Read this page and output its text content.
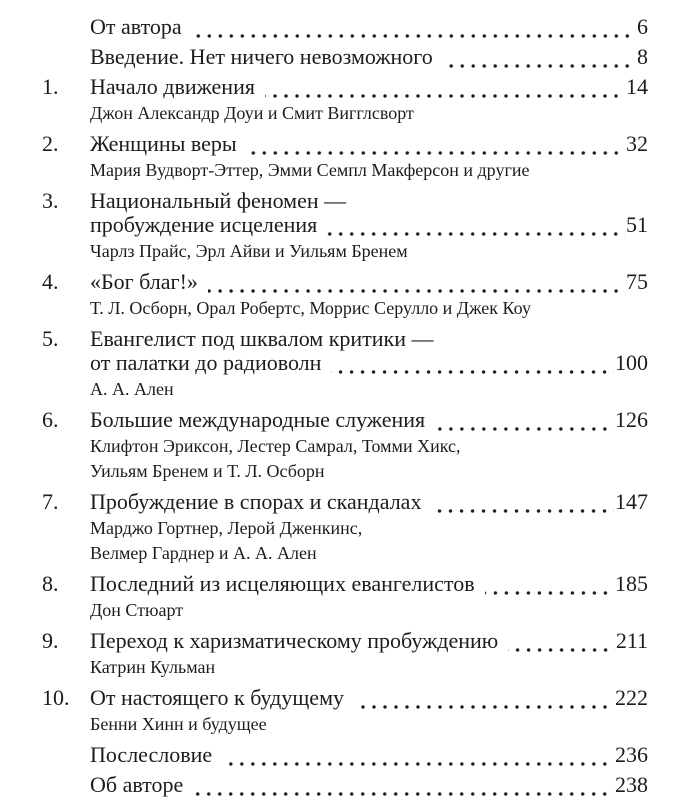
От автора	6
Введение. Нет ничего невозможного	8
1.	Начало движения	14
Джон Александр Доуи и Смит Вигглсворт
2.	Женщины веры	32
Мария Вудворт-Эттер, Эмми Семпл Макферсон и другие
3.	Национальный феномен —
пробуждение исцеления	51
Чарлз Прайс, Эрл Айви и Уильям Бренем
4.	«Бог благ!»	75
Т. Л. Осборн, Орал Робертс, Моррис Серулло и Джек Коу
5.	Евангелист под шквалом критики —
от палатки до радиоволн	100
А. А. Ален
6.	Большие международные служения	126
Клифтон Эриксон, Лестер Самрал, Томми Хикс,
Уильям Бренем и Т. Л. Осборн
7.	Пробуждение в спорах и скандалах	147
Марджо Гортнер, Лерой Дженкинс,
Велмер Гарднер и А. А. Ален
8.	Последний из исцеляющих евангелистов	185
Дон Стюарт
9.	Переход к харизматическому пробуждению	211
Катрин Кульман
10. От настоящего к будущему	222
Бенни Хинн и будущее
Послесловие	236
Об авторе	238
